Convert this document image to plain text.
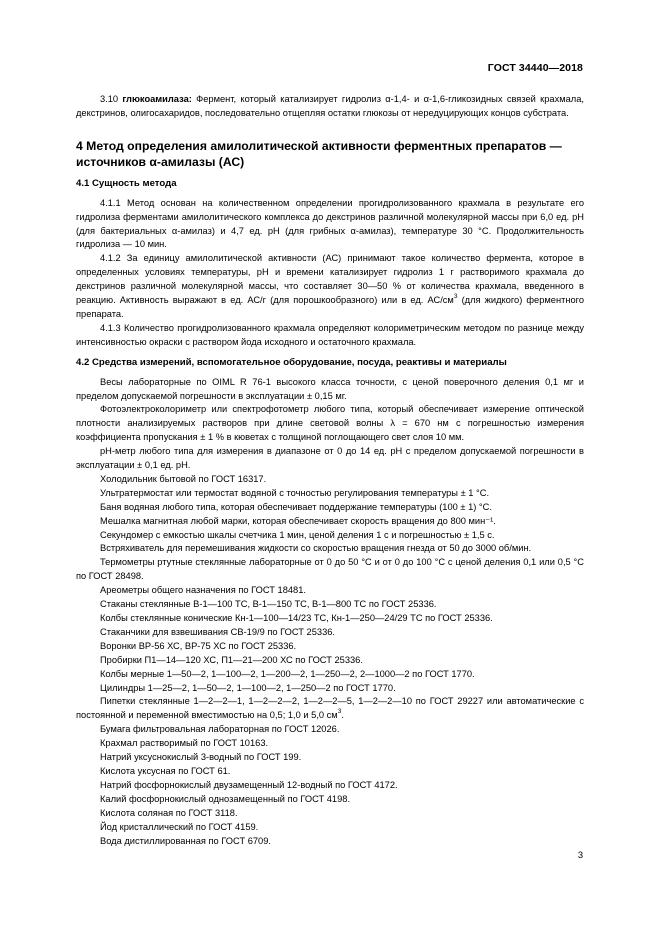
ГОСТ 34440—2018

3.10 глюкоамилаза: Фермент, который катализирует гидролиз α-1,4- и α-1,6-гликозидных связей крахмала, декстринов, олигосахаридов, последовательно отщепляя остатки глюкозы от нередуцирующих концов субстрата.

4 Метод определения амилолитической активности ферментных препаратов — источников α-амилазы (АС)
4.1 Сущность метода

4.1.1 Метод основан на количественном определении прогидролизованного крахмала в результате его гидролиза ферментами амилолитического комплекса до декстринов различной молекулярной массы при 6,0 ед. рН (для бактериальных α-амилаз) и 4,7 ед. рН (для грибных α-амилаз), температуре 30 °С. Продолжительность гидролиза — 10 мин.

4.1.2 За единицу амилолитической активности (АС) принимают такое количество фермента, которое в определенных условиях температуры, рН и времени катализирует гидролиз 1 г растворимого крахмала до декстринов различной молекулярной массы, что составляет 30—50 % от количества крахмала, введенного в реакцию. Активность выражают в ед. АС/г (для порошкообразного) или в ед. $АС/см^3$ (для жидкого) ферментного препарата.

4.1.3 Количество прогидролизованного крахмала определяют колориметрическим методом по разнице между интенсивностью окраски с раствором йода исходного и остаточного крахмала.

4.2 Средства измерений, вспомогательное оборудование, посуда, реактивы и материалы

Весы лабораторные по OIML R 76-1 высокого класса точности, с ценой поверочного деления 0,1 мг и пределом допускаемой погрешности в эксплуатации ± 0,15 мг.

Фотоэлектроколориметр или спектрофотометр любого типа, который обеспечивает измерение оптической плотности анализируемых растворов при длине световой волны λ = 670 нм с погрешностью измерения коэффициента пропускания ± 1 % в кюветах с толщиной поглощающего свет слоя 10 мм.

рН-метр любого типа для измерения в диапазоне от 0 до 14 ед. рН с пределом допускаемой погрешности в эксплуатации ± 0,1 ед. рН.

Холодильник бытовой по ГОСТ 16317.

Ультратермостат или термостат водяной с точностью регулирования температуры ± 1 °С.

Баня водяная любого типа, которая обеспечивает поддержание температуры (100 ± 1) °С.

Мешалка магнитная любой марки, которая обеспечивает скорость вращения до 800 мин⁻¹.

Секундомер с емкостью шкалы счетчика 1 мин, ценой деления 1 с и погрешностью ± 1,5 с.

Встряхиватель для перемешивания жидкости со скоростью вращения гнезда от 50 до 3000 об/мин.

Термометры ртутные стеклянные лабораторные от 0 до 50 °С и от 0 до 100 °С с ценой деления 0,1 или 0,5 °С по ГОСТ 28498.

Ареометры общего назначения по ГОСТ 18481.

Стаканы стеклянные В-1—100 ТС, В-1—150 ТС, В-1—800 ТС по ГОСТ 25336.

Колбы стеклянные конические Кн-1—100—14/23 ТС, Кн-1—250—24/29 ТС по ГОСТ 25336.

Стаканчики для взвешивания СВ-19/9 по ГОСТ 25336.

Воронки ВР-56 ХС, ВР-75 ХС по ГОСТ 25336.

Пробирки П1—14—120 ХС, П1—21—200 ХС по ГОСТ 25336.

Колбы мерные 1—50—2, 1—100—2, 1—200—2, 1—250—2, 2—1000—2 по ГОСТ 1770.

Цилиндры 1—25—2, 1—50—2, 1—100—2, 1—250—2 по ГОСТ 1770.

Пипетки стеклянные 1—2—2—1, 1—2—2—2, 1—2—2—5, 1—2—2—10 по ГОСТ 29227 или автоматические с постоянной и переменной вместимостью на 0,5; 1,0 и 5,0 $см^3$.

Бумага фильтровальная лабораторная по ГОСТ 12026.

Крахмал растворимый по ГОСТ 10163.

Натрий уксуснокислый 3-водный по ГОСТ 199.

Кислота уксусная по ГОСТ 61.

Натрий фосфорнокислый двузамещенный 12-водный по ГОСТ 4172.

Калий фосфорнокислый однозамещенный по ГОСТ 4198.

Кислота соляная по ГОСТ 3118.

Йод кристаллический по ГОСТ 4159.

Вода дистиллированная по ГОСТ 6709.

3
